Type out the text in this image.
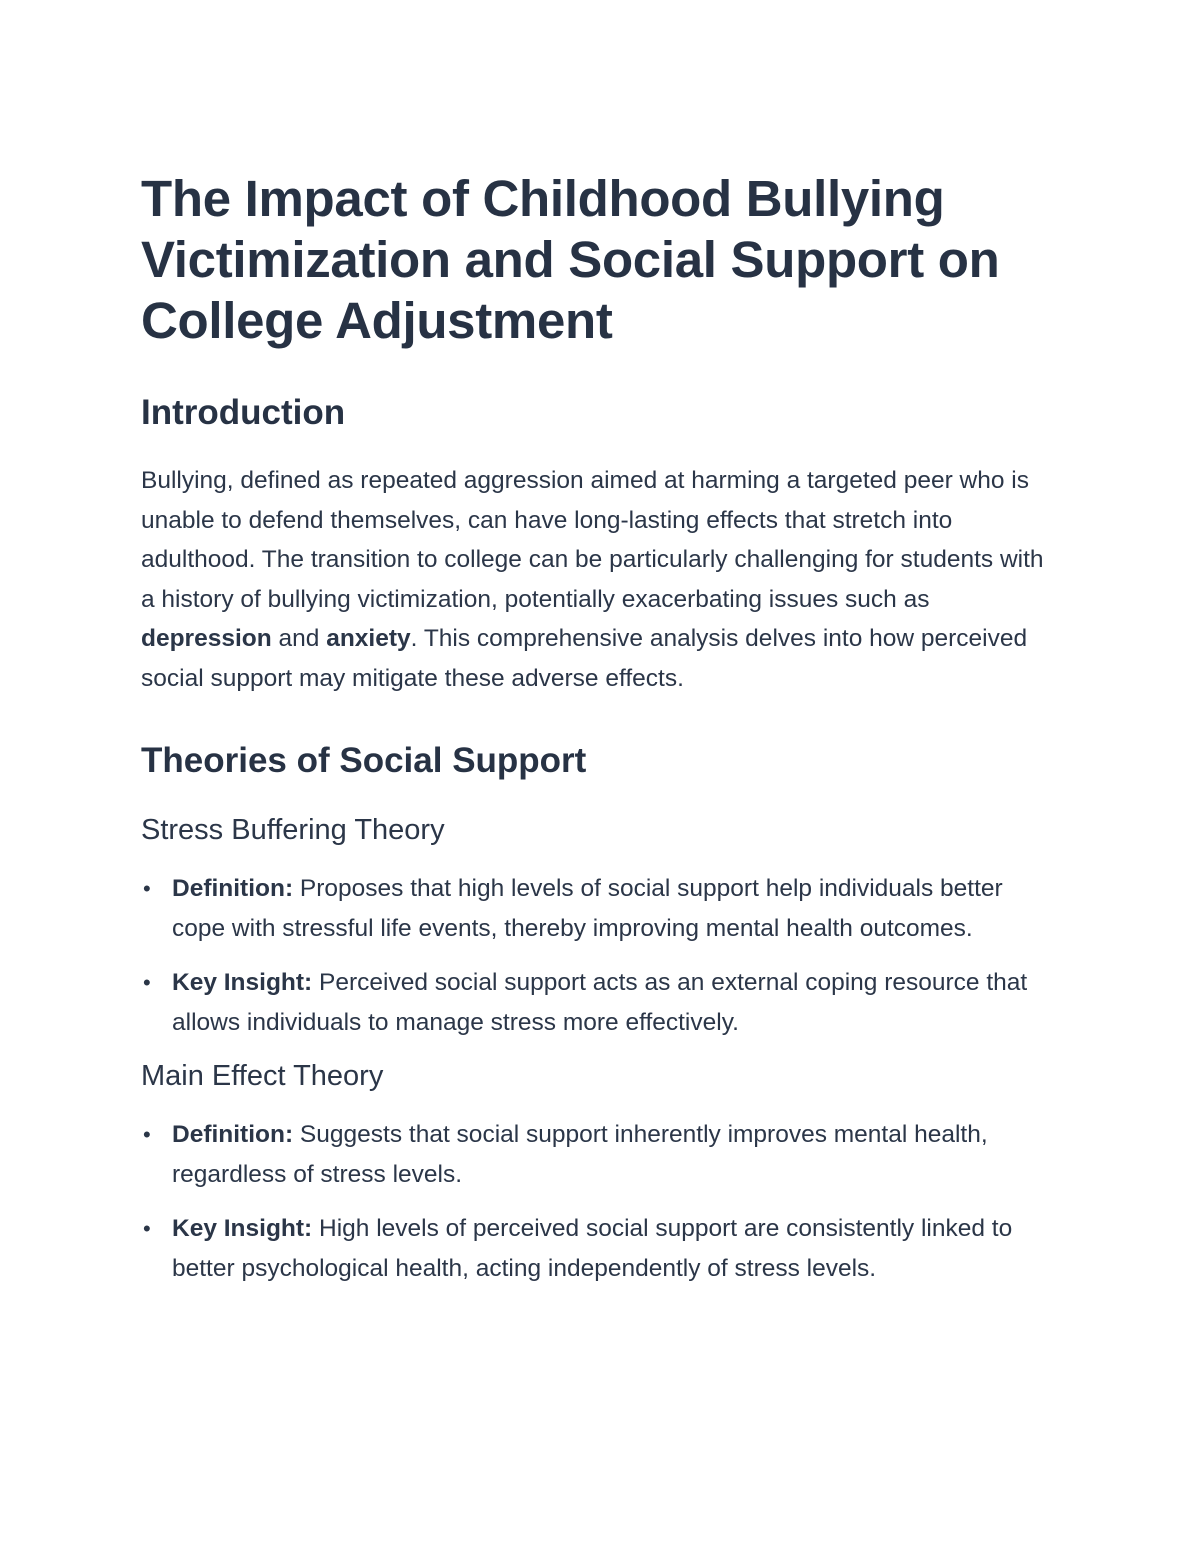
The Impact of Childhood Bullying Victimization and Social Support on College Adjustment
Introduction

Bullying, defined as repeated aggression aimed at harming a targeted peer who is unable to defend themselves, can have long-lasting effects that stretch into adulthood. The transition to college can be particularly challenging for students with a history of bullying victimization, potentially exacerbating issues such as depression and anxiety. This comprehensive analysis delves into how perceived social support may mitigate these adverse effects.

Theories of Social Support
Stress Buffering Theory
• Definition: Proposes that high levels of social support help individuals better cope with stressful life events, thereby improving mental health outcomes.
• Key Insight: Perceived social support acts as an external coping resource that allows individuals to manage stress more effectively.
Main Effect Theory
• Definition: Suggests that social support inherently improves mental health, regardless of stress levels.
• Key Insight: High levels of perceived social support are consistently linked to better psychological health, acting independently of stress levels.
